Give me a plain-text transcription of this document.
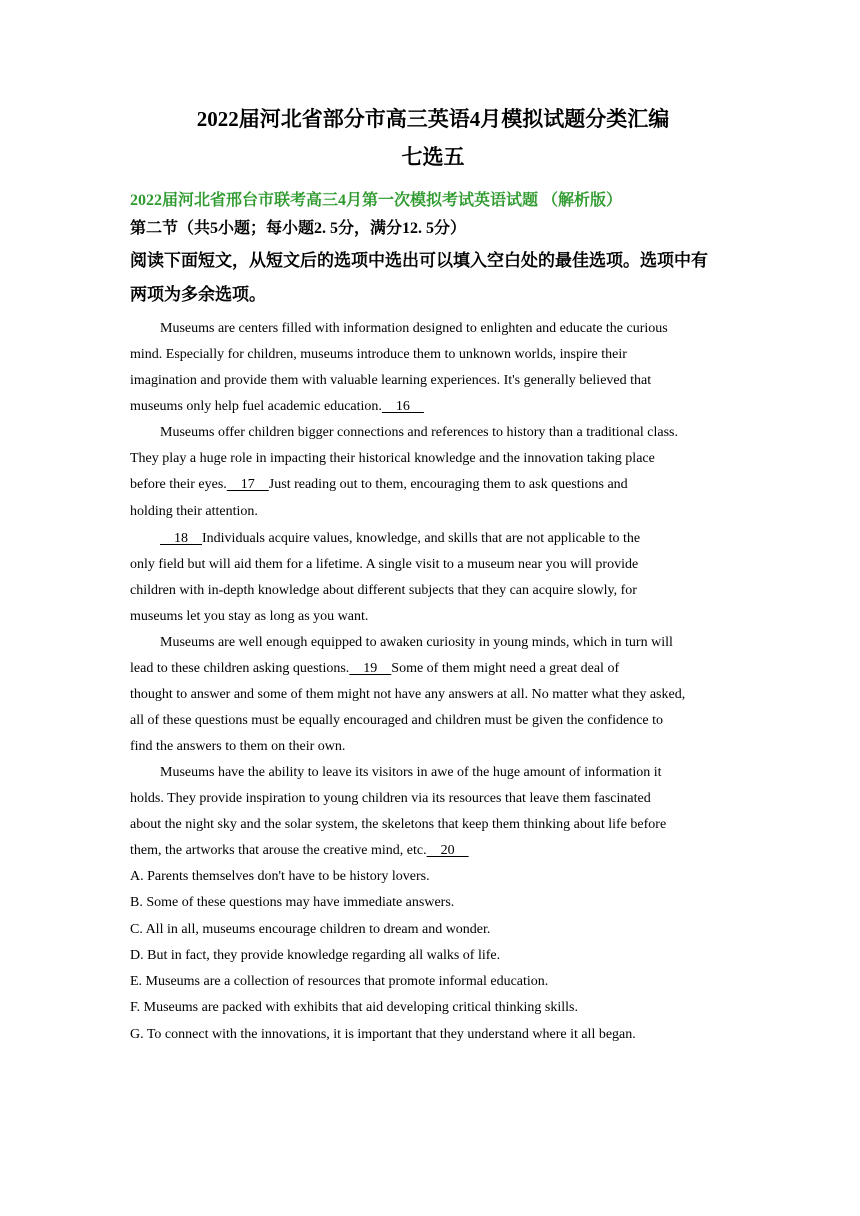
2022届河北省部分市高三英语4月模拟试题分类汇编
七选五

2022届河北省邢台市联考高三4月第一次模拟考试英语试题 （解析版）

第二节（共5小题；每小题2. 5分，满分12. 5分）

阅读下面短文，从短文后的选项中选出可以填入空白处的最佳选项。选项中有
两项为多余选项。
Museums are centers filled with information designed to enlighten and educate the curious
mind. Especially for children, museums introduce them to unknown worlds, inspire their
imagination and provide them with valuable learning experiences. It's generally believed that
museums only help fuel academic education.    16
Museums offer children bigger connections and references to history than a traditional class.
They play a huge role in impacting their historical knowledge and the innovation taking place
before their eyes.    17    Just reading out to them, encouraging them to ask questions and
holding their attention.
18    Individuals acquire values, knowledge, and skills that are not applicable to the
only field but will aid them for a lifetime. A single visit to a museum near you will provide
children with in-depth knowledge about different subjects that they can acquire slowly, for
museums let you stay as long as you want.
Museums are well enough equipped to awaken curiosity in young minds, which in turn will
lead to these children asking questions.    19    Some of them might need a great deal of
thought to answer and some of them might not have any answers at all. No matter what they asked,
all of these questions must be equally encouraged and children must be given the confidence to
find the answers to them on their own.
Museums have the ability to leave its visitors in awe of the huge amount of information it
holds. They provide inspiration to young children via its resources that leave them fascinated
about the night sky and the solar system, the skeletons that keep them thinking about life before
them, the artworks that arouse the creative mind, etc.    20
A. Parents themselves don't have to be history lovers.
B. Some of these questions may have immediate answers.
C. All in all, museums encourage children to dream and wonder.
D. But in fact, they provide knowledge regarding all walks of life.
E. Museums are a collection of resources that promote informal education.
F. Museums are packed with exhibits that aid developing critical thinking skills.
G. To connect with the innovations, it is important that they understand where it all began.
